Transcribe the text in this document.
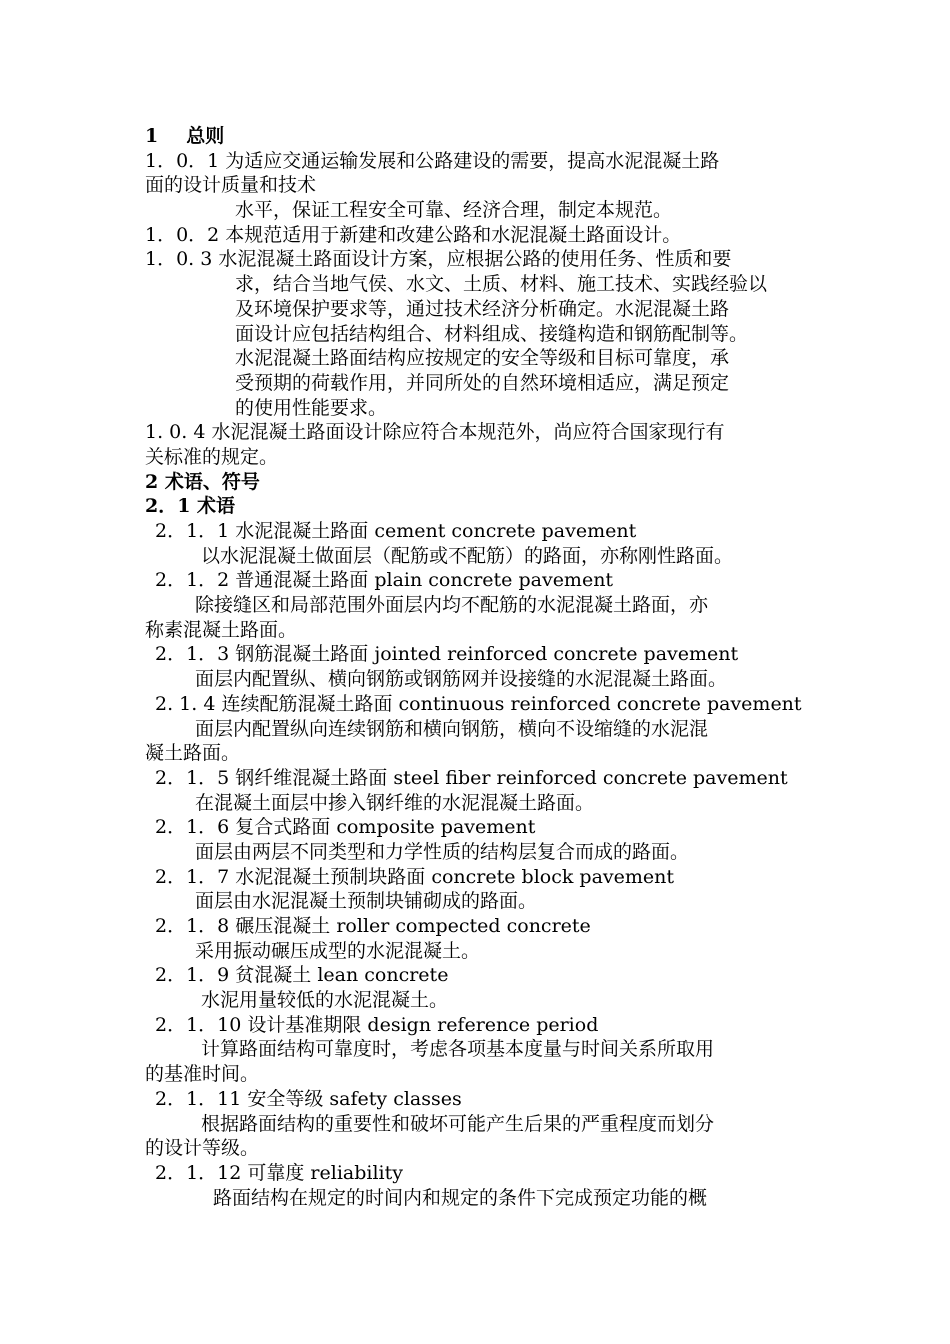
1 总则
1．0．1 为适应交通运输发展和公路建设的需要，提高水泥混凝土路
面的设计质量和技术
水平，保证工程安全可靠、经济合理，制定本规范。
1．0．2 本规范适用于新建和改建公路和水泥混凝土路面设计。
1．0. 3 水泥混凝土路面设计方案，应根据公路的使用任务、性质和要
求，结合当地气侯、水文、土质、材料、施工技术、实践经验以
及环境保护要求等，通过技术经济分析确定。水泥混凝土路
面设计应包括结构组合、材料组成、接缝构造和钢筋配制等。
水泥混凝土路面结构应按规定的安全等级和目标可靠度，承
受预期的荷载作用，并同所处的自然环境相适应，满足预定
的使用性能要求。
1. 0. 4 水泥混凝土路面设计除应符合本规范外，尚应符合国家现行有
关标准的规定。
2 术语、符号
2．1 术语
2．1．1 水泥混凝土路面 cement concrete pavement
以水泥混凝土做面层（配筋或不配筋）的路面，亦称刚性路面。
2．1．2 普通混凝土路面 plain concrete pavement
除接缝区和局部范围外面层内均不配筋的水泥混凝土路面，亦
称素混凝土路面。
2．1．3 钢筋混凝土路面 jointed reinforced concrete pavement
面层内配置纵、横向钢筋或钢筋网并设接缝的水泥混凝土路面。
2. 1. 4 连续配筋混凝土路面 continuous reinforced concrete pavement
面层内配置纵向连续钢筋和横向钢筋，横向不设缩缝的水泥混
凝土路面。
2．1．5 钢纤维混凝土路面 steel fiber reinforced concrete pavement
在混凝土面层中掺入钢纤维的水泥混凝土路面。
2．1．6 复合式路面 composite pavement
面层由两层不同类型和力学性质的结构层复合而成的路面。
2．1．7 水泥混凝土预制块路面 concrete block pavement
面层由水泥混凝土预制块铺砌成的路面。
2．1．8 碾压混凝土 roller compected concrete
采用振动碾压成型的水泥混凝土。
2．1．9 贫混凝土 lean concrete
水泥用量较低的水泥混凝土。
2．1．10 设计基准期限 design reference period
计算路面结构可靠度时，考虑各项基本度量与时间关系所取用
的基准时间。
2．1．11 安全等级 safety classes
根据路面结构的重要性和破坏可能产生后果的严重程度而划分
的设计等级。
2．1．12 可靠度 reliability
路面结构在规定的时间内和规定的条件下完成预定功能的概
